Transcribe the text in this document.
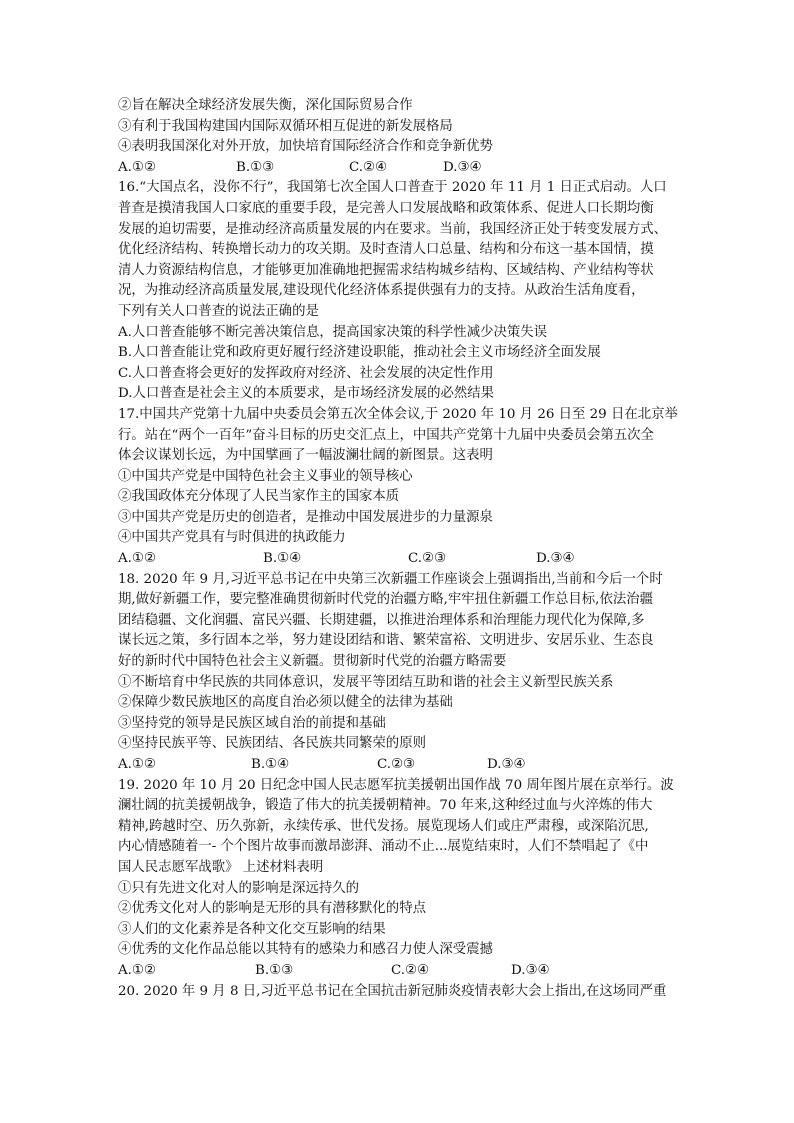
②旨在解决全球经济发展失衡，深化国际贸易合作
③有利于我国构建国内国际双循环相互促进的新发展格局
④表明我国深化对外开放，加快培育国际经济合作和竞争新优势
A.①②	B.①③	C.②④	D.③④
16.“大国点名，没你不行”，我国第七次全国人口普查于 2020 年 11 月 1 日正式启动。人口
普查是摸清我国人口家底的重要手段，是完善人口发展战略和政策体系、促进人口长期均衡
发展的迫切需要，是推动经济高质量发展的内在要求。当前，我国经济正处于转变发展方式、
优化经济结构、转换增长动力的攻关期。及时查清人口总量、结构和分布这一基本国情，摸
清人力资源结构信息，才能够更加准确地把握需求结构城乡结构、区域结构、产业结构等状
况，为推动经济高质量发展,建设现代化经济体系提供强有力的支持。从政治生活角度看，
下列有关人口普查的说法正确的是
A.人口普查能够不断完善决策信息，提高国家决策的科学性减少决策失误
B.人口普查能让党和政府更好履行经济建设职能，推动社会主义市场经济全面发展
C.人口普查将会更好的发挥政府对经济、社会发展的决定性作用
D.人口普查是社会主义的本质要求，是市场经济发展的必然结果
17.中国共产党第十九届中央委员会第五次全体会议,于 2020 年 10 月 26 日至 29 日在北京举
行。站在“两个一百年”奋斗目标的历史交汇点上，中国共产党第十九届中央委员会第五次全
体会议谋划长远，为中国擘画了一幅波澜壮阔的新图景。这表明
①中国共产党是中国特色社会主义事业的领导核心
②我国政体充分体现了人民当家作主的国家本质
③中国共产党是历史的创造者，是推动中国发展进步的力量源泉
④中国共产党具有与时俱进的执政能力
A.①②	B.①④	C.②③	D.③④
18. 2020 年 9 月,习近平总书记在中央第三次新疆工作座谈会上强调指出,当前和今后一个时
期,做好新疆工作，要完整准确贯彻新时代党的治疆方略,牢牢扭住新疆工作总目标,依法治疆
团结稳疆、文化润疆、富民兴疆、长期建疆，以推进治理体系和治理能力现代化为保障,多
谋长远之策，多行固本之举，努力建设团结和谐、繁荣富裕、文明进步、安居乐业、生态良
好的新时代中国特色社会主义新疆。贯彻新时代党的治疆方略需要
①不断培育中华民族的共同体意识，发展平等团结互助和谐的社会主义新型民族关系
②保障少数民族地区的高度自治必须以健全的法律为基础
③坚持党的领导是民族区域自治的前提和基础
④坚持民族平等、民族团结、各民族共同繁荣的原则
A.①②	B.①④	C.②③	D.③④
19. 2020 年 10 月 20 日纪念中国人民志愿军抗美援朝出国作战 70 周年图片展在京举行。波
澜壮阔的抗美援朝战争，锻造了伟大的抗美援朝精神。70 年来,这种经过血与火淬炼的伟大
精神,跨越时空、历久弥新，永续传承、世代发扬。展览现场人们或庄严肃穆，或深陷沉思,
内心情感随着一- 个个图片故事而激昂澎湃、涌动不止...展览结束时，人们不禁唱起了《中
国人民志愿军战歌》 上述材料表明
①只有先进文化对人的影响是深远持久的
②优秀文化对人的影响是无形的具有潜移默化的特点
③人们的文化素养是各种文化交互影响的结果
④优秀的文化作品总能以其特有的感染力和感召力使人深受震撼
A.①②	B.①③	C.②④	D.③④
20. 2020 年 9 月 8 日,习近平总书记在全国抗击新冠肺炎疫情表彰大会上指出,在这场同严重
